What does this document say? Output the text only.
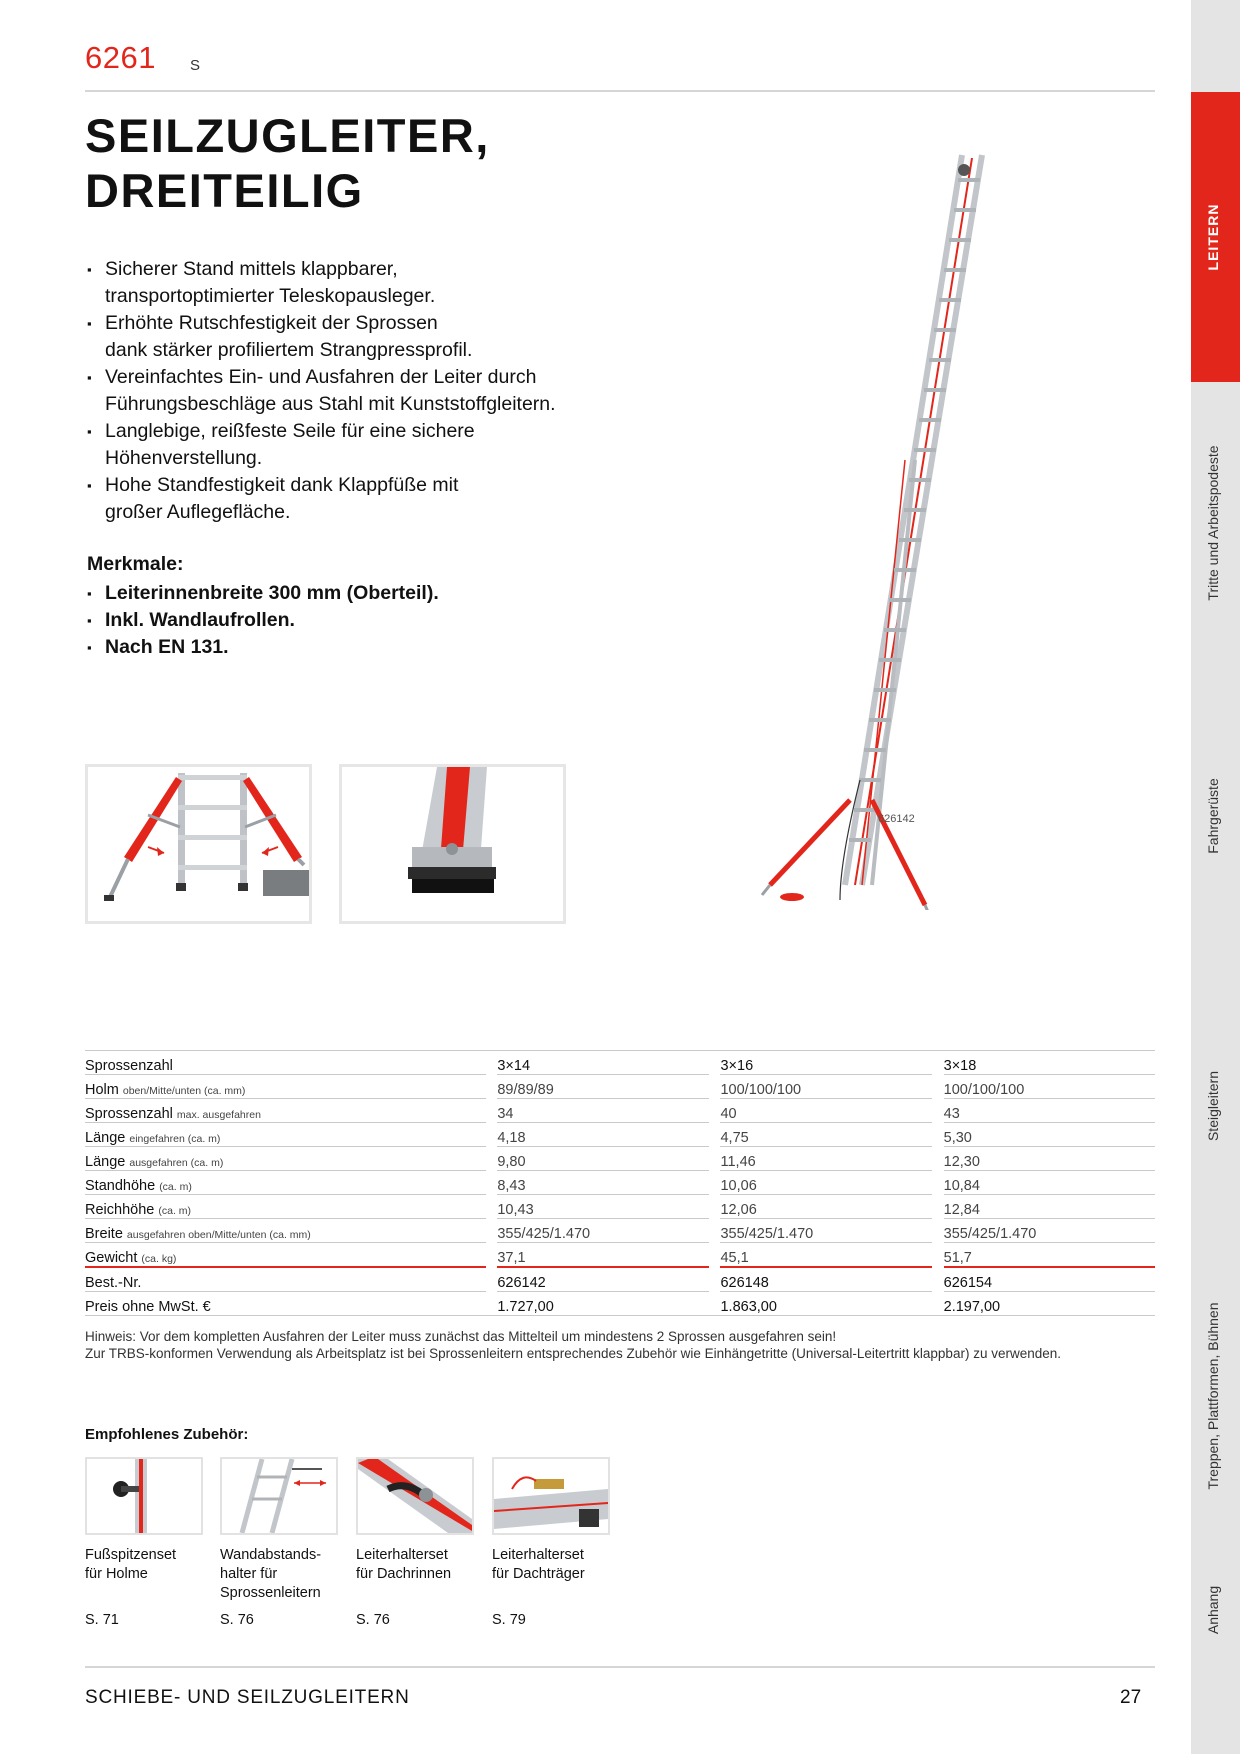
6261 S
SEILZUGLEITER,
DREITEILIG
▪ Sicherer Stand mittels klappbarer,
transportoptimierter Teleskopausleger.
▪ Erhöhte Rutschfestigkeit der Sprossen
dank stärker profiliertem Strangpressprofil.
▪ Vereinfachtes Ein- und Ausfahren der Leiter durch
Führungsbeschläge aus Stahl mit Kunststoffgleitern.
▪ Langlebige, reißfeste Seile für eine sichere
Höhenverstellung.
▪ Hohe Standfestigkeit dank Klappfüße mit
großer Auflegefläche.
Merkmale:
▪ Leiterinnenbreite 300 mm (Oberteil).
▪ Inkl. Wandlaufrollen.
▪ Nach EN 131.
626142
Sprossenzahl		3×14		3×16		3×18
Holm oben/Mitte/unten (ca. mm)		89/89/89		100/100/100		100/100/100
Sprossenzahl max. ausgefahren		34		40		43
Länge eingefahren (ca. m)		4,18		4,75		5,30
Länge ausgefahren (ca. m)		9,80		11,46		12,30
Standhöhe (ca. m)		8,43		10,06		10,84
Reichhöhe (ca. m)		10,43		12,06		12,84
Breite ausgefahren oben/Mitte/unten (ca. mm)		355/425/1.470		355/425/1.470		355/425/1.470
Gewicht (ca. kg)		37,1		45,1		51,7
Best.-Nr.		626142		626148		626154
Preis ohne MwSt. €		1.727,00		1.863,00		2.197,00
Hinweis: Vor dem kompletten Ausfahren der Leiter muss zunächst das Mittelteil um mindestens 2 Sprossen ausgefahren sein!
Zur TRBS-konformen Verwendung als Arbeitsplatz ist bei Sprossenleitern entsprechendes Zubehör wie Einhängetritte (Universal-Leitertritt klappbar) zu verwenden.
Empfohlenes Zubehör:
Fußspitzenset
für Holme
Wandabstands-
halter für
Sprossenleitern
Leiterhalterset
für Dachrinnen
Leiterhalterset
für Dachträger
S. 71	S. 76	S. 76	S. 79
SCHIEBE- UND SEILZUGLEITERN	27
LEITERN
Tritte und Arbeitspodeste
Fahrgerüste
Steigleitern
Treppen, Plattformen, Bühnen
Anhang
